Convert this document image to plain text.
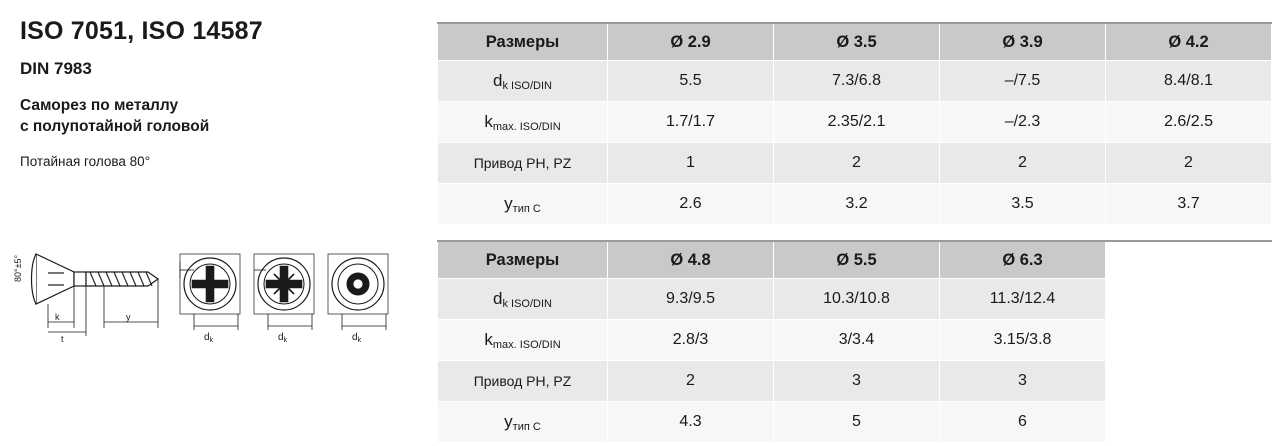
ISO 7051, ISO 14587
DIN 7983
Саморез по металлу
с полупотайной головой
Потайная голова 80°
80°±5°
k
t
y
$d_k$	$d_k$	$d_k$
Размеры	Ø 2.9	Ø 3.5	Ø 3.9	Ø 4.2
dk ISO/DIN	5.5	7.3/6.8	–/7.5	8.4/8.1
kmax. ISO/DIN	1.7/1.7	2.35/2.1	–/2.3	2.6/2.5
Привод PH, PZ	1	2	2	2
yтип C	2.6	3.2	3.5	3.7
Размеры	Ø 4.8	Ø 5.5	Ø 6.3	
dk ISO/DIN	9.3/9.5	10.3/10.8	11.3/12.4	
kmax. ISO/DIN	2.8/3	3/3.4	3.15/3.8	
Привод PH, PZ	2	3	3	
yтип C	4.3	5	6	
